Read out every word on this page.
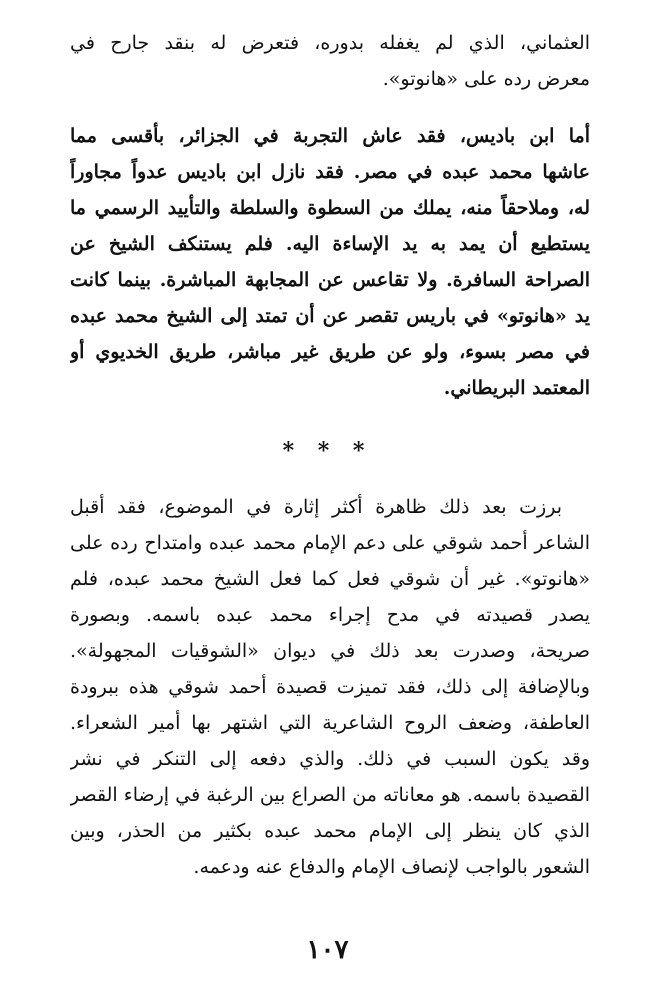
العثماني، الذي لم يغفله بدوره، فتعرض له بنقد جارح في
معرض رده على «هانوتو».
أما ابن باديس، فقد عاش التجربة في الجزائر، بأقسى مما
عاشها محمد عبده في مصر. فقد نازل ابن باديس عدواً مجاوراً
له، وملاحقاً منه، يملك من السطوة والسلطة والتأييد الرسمي ما
يستطيع أن يمد به يد الإساءة اليه. فلم يستنكف الشيخ عن
الصراحة السافرة. ولا تقاعس عن المجابهة المباشرة. بينما كانت
يد «هانوتو» في باريس تقصر عن أن تمتد إلى الشيخ محمد عبده
في مصر بسوء، ولو عن طريق غير مباشر، طريق الخديوي أو
المعتمد البريطاني.
* * *
برزت بعد ذلك ظاهرة أكثر إثارة في الموضوع، فقد أقبل
الشاعر أحمد شوقي على دعم الإمام محمد عبده وامتداح رده على
«هانوتو». غير أن شوقي فعل كما فعل الشيخ محمد عبده، فلم
يصدر قصيدته في مدح إجراء محمد عبده باسمه. وبصورة
صريحة، وصدرت بعد ذلك في ديوان «الشوقيات المجهولة».
وبالإضافة إلى ذلك، فقد تميزت قصيدة أحمد شوقي هذه ببرودة
العاطفة، وضعف الروح الشاعرية التي اشتهر بها أمير الشعراء.
وقد يكون السبب في ذلك. والذي دفعه إلى التنكر في نشر
القصيدة باسمه. هو معاناته من الصراع بين الرغبة في إرضاء القصر
الذي كان ينظر إلى الإمام محمد عبده بكثير من الحذر، وبين
الشعور بالواجب لإنصاف الإمام والدفاع عنه ودعمه.
١٠٧
